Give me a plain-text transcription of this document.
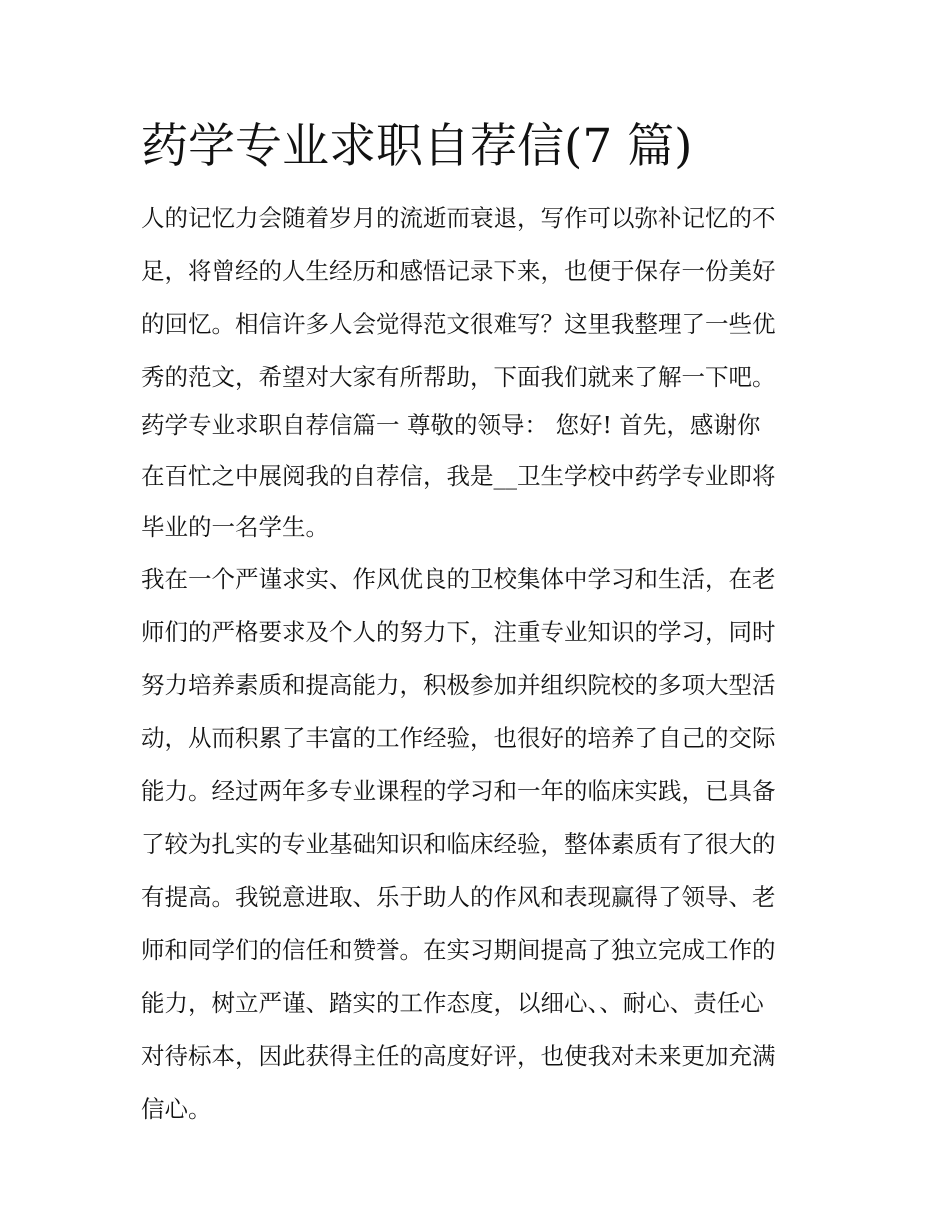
药学专业求职自荐信(7 篇)

人的记忆力会随着岁月的流逝而衰退，写作可以弥补记忆的不

足，将曾经的人生经历和感悟记录下来，也便于保存一份美好

的回忆。相信许多人会觉得范文很难写？这里我整理了一些优

秀的范文，希望对大家有所帮助，下面我们就来了解一下吧。

药学专业求职自荐信篇一 尊敬的领导： 您好! 首先，感谢你

在百忙之中展阅我的自荐信，我是__卫生学校中药学专业即将

毕业的一名学生。

我在一个严谨求实、作风优良的卫校集体中学习和生活，在老

师们的严格要求及个人的努力下，注重专业知识的学习，同时

努力培养素质和提高能力，积极参加并组织院校的多项大型活

动，从而积累了丰富的工作经验，也很好的培养了自己的交际

能力。经过两年多专业课程的学习和一年的临床实践，已具备

了较为扎实的专业基础知识和临床经验，整体素质有了很大的

有提高。我锐意进取、乐于助人的作风和表现赢得了领导、老

师和同学们的信任和赞誉。在实习期间提高了独立完成工作的

能力，树立严谨、踏实的工作态度，以细心、、耐心、责任心

对待标本，因此获得主任的高度好评，也使我对未来更加充满

信心。
